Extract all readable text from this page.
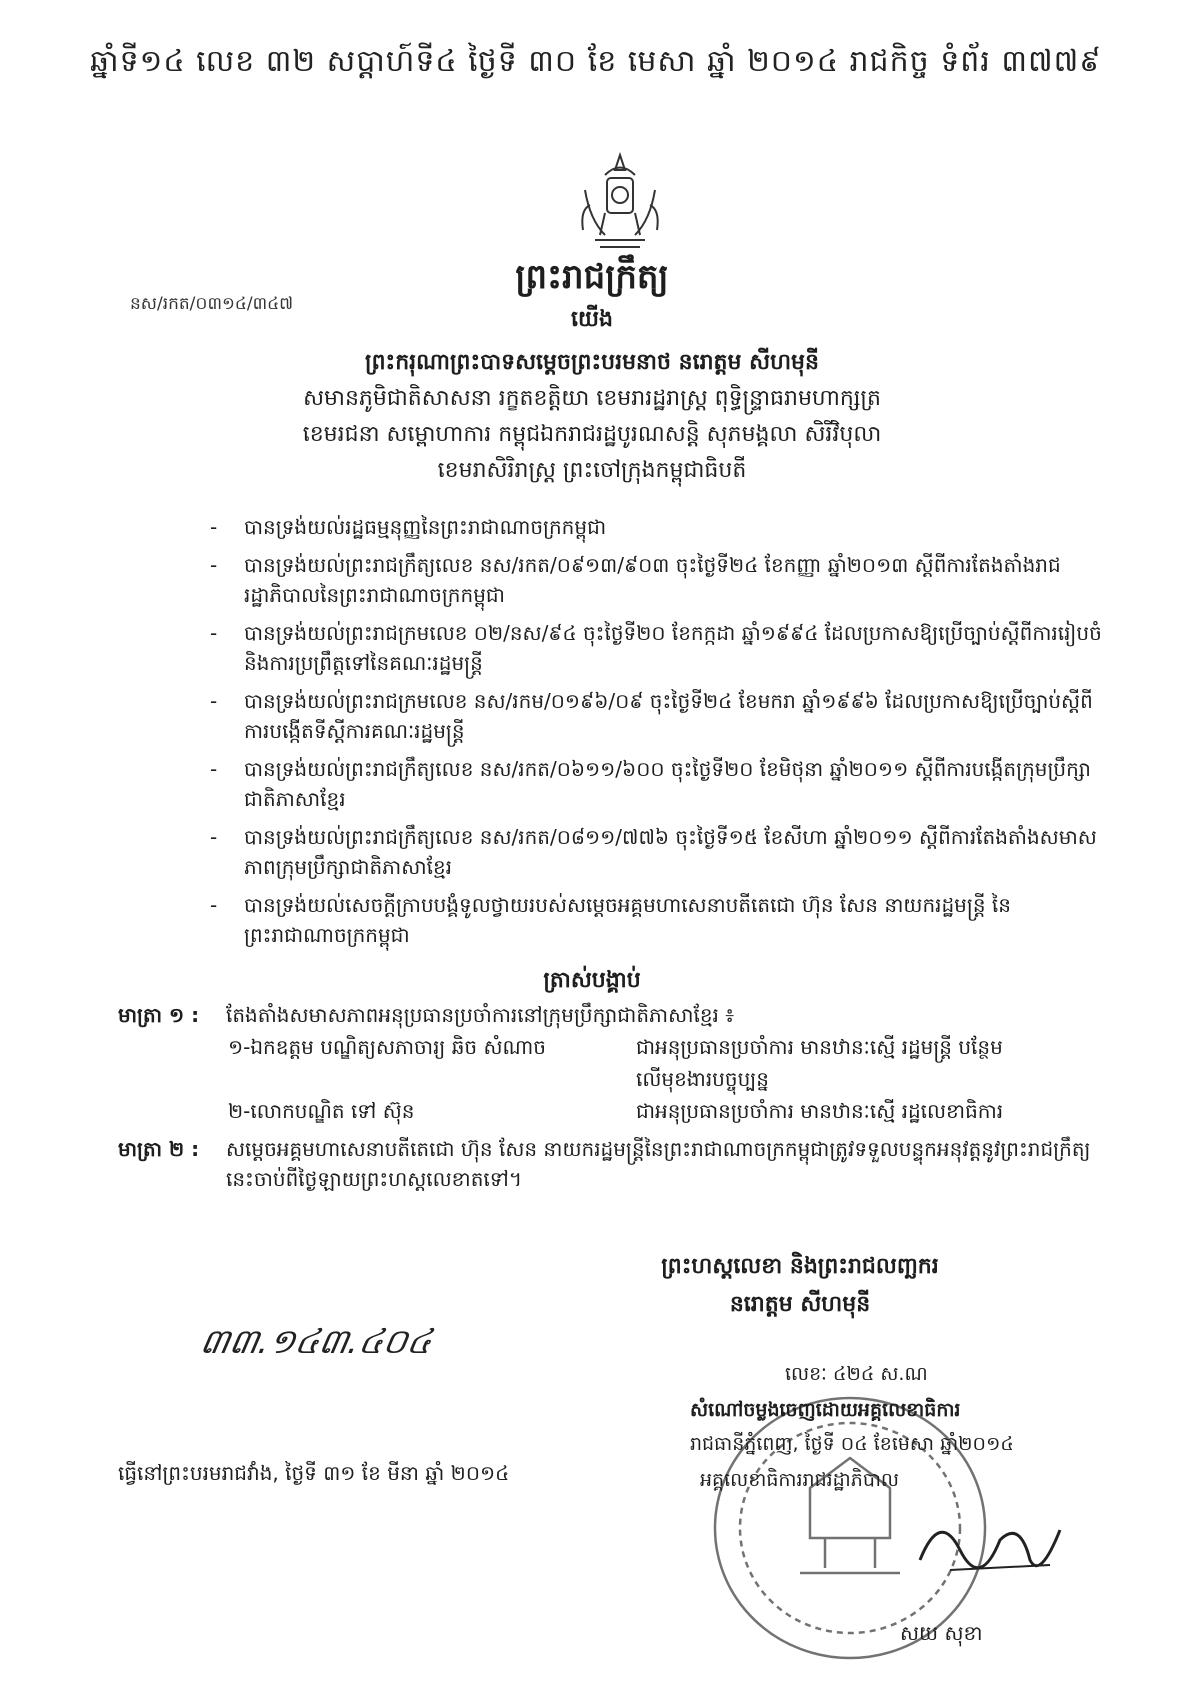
ឆ្នាំទី១៤ លេខ ៣២ សប្តាហ៍ទី៤ ថ្ងៃទី ៣០ ខែ មេសា ឆ្នាំ ២០១៤ រាជកិច្ច ទំព័រ ៣៧៧៩
នស/រកត/០៣១៤/៣៤៧
ព្រះរាជក្រឹត្យ
យើង
ព្រះករុណាព្រះបាទសម្តេចព្រះបរមនាថ នរោត្តម សីហមុនី
សមានភូមិជាតិសាសនា រក្ខតខត្តិយា ខេមរារដ្ឋរាស្ត្រ ពុទ្ធិន្ទ្រាធរាមហាក្សត្រ
ខេមរជនា សម្ពោហាការ កម្ពុជឯករាជរដ្ឋបូរណសន្តិ សុភមង្គលា សិរីវិបុលា
ខេមរាសិរិរាស្ត្រ ព្រះចៅក្រុងកម្ពុជាធិបតី
-	បានទ្រង់យល់រដ្ឋធម្មនុញ្ញនៃព្រះរាជាណាចក្រកម្ពុជា
-	បានទ្រង់យល់ព្រះរាជក្រឹត្យលេខ នស/រកត/០៩១៣/៩០៣ ចុះថ្ងៃទី២៤ ខែកញ្ញា ឆ្នាំ២០១៣ ស្តីពីការតែងតាំងរាជរដ្ឋាភិបាលនៃព្រះរាជាណាចក្រកម្ពុជា
-	បានទ្រង់យល់ព្រះរាជក្រមលេខ ០២/នស/៩៤ ចុះថ្ងៃទី២០ ខែកក្កដា ឆ្នាំ១៩៩៤ ដែលប្រកាសឱ្យប្រើច្បាប់ស្តីពីការរៀបចំនិងការប្រព្រឹត្តទៅនៃគណៈរដ្ឋមន្ត្រី
-	បានទ្រង់យល់ព្រះរាជក្រមលេខ នស/រកម/០១៩៦/០៩ ចុះថ្ងៃទី២៤ ខែមករា ឆ្នាំ១៩៩៦ ដែលប្រកាសឱ្យប្រើច្បាប់ស្តីពីការបង្កើតទីស្តីការគណៈរដ្ឋមន្ត្រី
-	បានទ្រង់យល់ព្រះរាជក្រឹត្យលេខ នស/រកត/០៦១១/៦០០ ចុះថ្ងៃទី២០ ខែមិថុនា ឆ្នាំ២០១១ ស្តីពីការបង្កើតក្រុមប្រឹក្សាជាតិភាសាខ្មែរ
-	បានទ្រង់យល់ព្រះរាជក្រឹត្យលេខ នស/រកត/០៨១១/៧៧៦ ចុះថ្ងៃទី១៥ ខែសីហា ឆ្នាំ២០១១ ស្តីពីការតែងតាំងសមាសភាពក្រុមប្រឹក្សាជាតិភាសាខ្មែរ
-	បានទ្រង់យល់សេចក្តីក្រាបបង្គំទូលថ្វាយរបស់សម្តេចអគ្គមហាសេនាបតីតេជោ ហ៊ុន សែន នាយករដ្ឋមន្ត្រី នៃព្រះរាជាណាចក្រកម្ពុជា
ត្រាស់បង្គាប់
មាត្រា ១ : តែងតាំងសមាសភាពអនុប្រធានប្រចាំការនៅក្រុមប្រឹក្សាជាតិភាសាខ្មែរ ៖
១-ឯកឧត្តម បណ្ឌិត្យសភាចារ្យ ឆិច សំណាច	ជាអនុប្រធានប្រចាំការ មានឋានៈស្មើ រដ្ឋមន្ត្រី បន្ថែម
លើមុខងារបច្ចុប្បន្ន
២-លោកបណ្ឌិត ទៅ ស៊ុន	ជាអនុប្រធានប្រចាំការ មានឋានៈស្មើ រដ្ឋលេខាធិការ
មាត្រា ២ :	សម្តេចអគ្គមហាសេនាបតីតេជោ ហ៊ុន សែន នាយករដ្ឋមន្ត្រីនៃព្រះរាជាណាចក្រកម្ពុជាត្រូវទទួលបន្ទុកអនុវត្តនូវព្រះរាជក្រឹត្យនេះចាប់ពីថ្ងៃឡាយព្រះហស្តលេខាតទៅ។
ព្រះហស្តលេខា និងព្រះរាជលញ្ឆករ
នរោត្តម សីហមុនី
៣៣.១៤៣.៤០៤
ធ្វើនៅព្រះបរមរាជវាំង, ថ្ងៃទី ៣១ ខែ មីនា ឆ្នាំ ២០១៤
លេខៈ ៤២៤ ស.ណ
សំណៅចម្លងចេញដោយអគ្គលេខាធិការ
រាជធានីភ្នំពេញ, ថ្ងៃទី ០៤ ខែមេសា ឆ្នាំ២០១៤
អគ្គលេខាធិការរាជរដ្ឋាភិបាល
សយ សុខា
